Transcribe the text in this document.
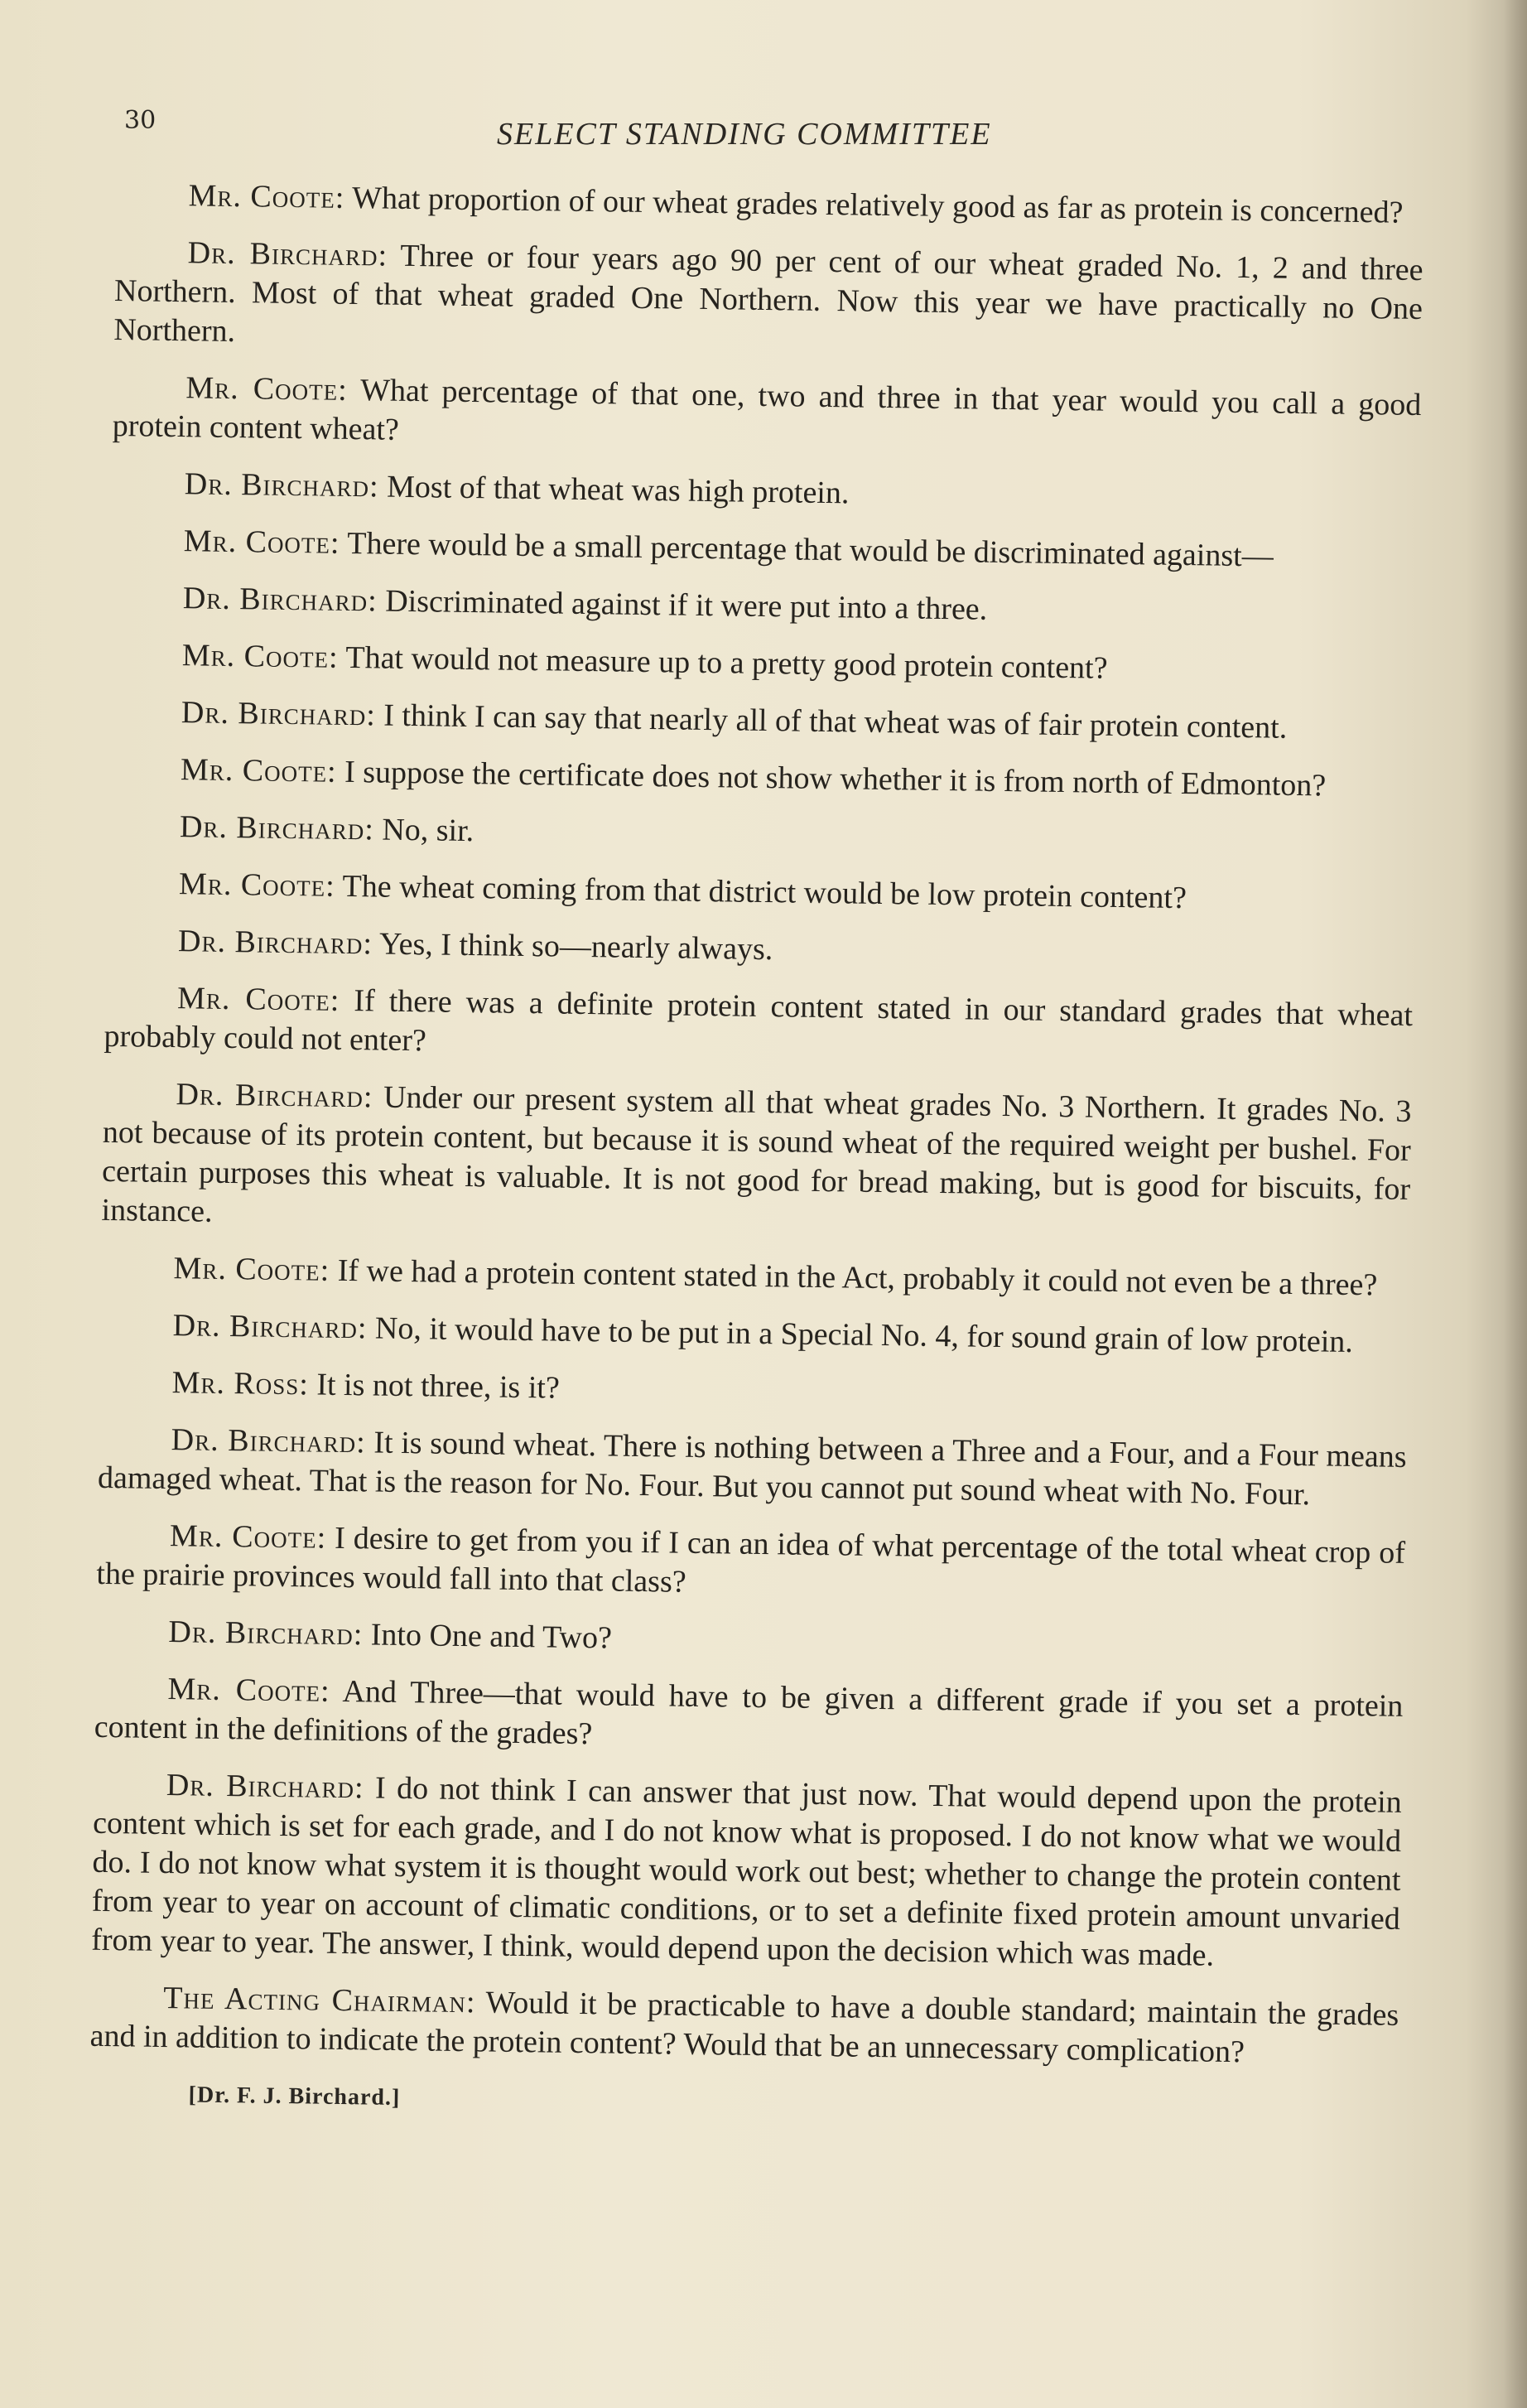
30	SELECT STANDING COMMITTEE

Mr. Coote: What proportion of our wheat grades relatively good as far as protein is concerned?

Dr. Birchard: Three or four years ago 90 per cent of our wheat graded No. 1, 2 and three Northern. Most of that wheat graded One Northern. Now this year we have practically no One Northern.

Mr. Coote: What percentage of that one, two and three in that year would you call a good protein content wheat?

Dr. Birchard: Most of that wheat was high protein.

Mr. Coote: There would be a small percentage that would be discriminated against—

Dr. Birchard: Discriminated against if it were put into a three.

Mr. Coote: That would not measure up to a pretty good protein content?

Dr. Birchard: I think I can say that nearly all of that wheat was of fair protein content.

Mr. Coote: I suppose the certificate does not show whether it is from north of Edmonton?

Dr. Birchard: No, sir.

Mr. Coote: The wheat coming from that district would be low protein content?

Dr. Birchard: Yes, I think so—nearly always.

Mr. Coote: If there was a definite protein content stated in our standard grades that wheat probably could not enter?

Dr. Birchard: Under our present system all that wheat grades No. 3 Northern. It grades No. 3 not because of its protein content, but because it is sound wheat of the required weight per bushel. For certain purposes this wheat is valuable. It is not good for bread making, but is good for biscuits, for instance.

Mr. Coote: If we had a protein content stated in the Act, probably it could not even be a three?

Dr. Birchard: No, it would have to be put in a Special No. 4, for sound grain of low protein.

Mr. Ross: It is not three, is it?

Dr. Birchard: It is sound wheat. There is nothing between a Three and a Four, and a Four means damaged wheat. That is the reason for No. Four. But you cannot put sound wheat with No. Four.

Mr. Coote: I desire to get from you if I can an idea of what percentage of the total wheat crop of the prairie provinces would fall into that class?

Dr. Birchard: Into One and Two?

Mr. Coote: And Three—that would have to be given a different grade if you set a protein content in the definitions of the grades?

Dr. Birchard: I do not think I can answer that just now. That would depend upon the protein content which is set for each grade, and I do not know what is proposed. I do not know what we would do. I do not know what system it is thought would work out best; whether to change the protein content from year to year on account of climatic conditions, or to set a definite fixed protein amount unvaried from year to year. The answer, I think, would depend upon the decision which was made.

The Acting Chairman: Would it be practicable to have a double standard; maintain the grades and in addition to indicate the protein content? Would that be an unnecessary complication?

[Dr. F. J. Birchard.]
